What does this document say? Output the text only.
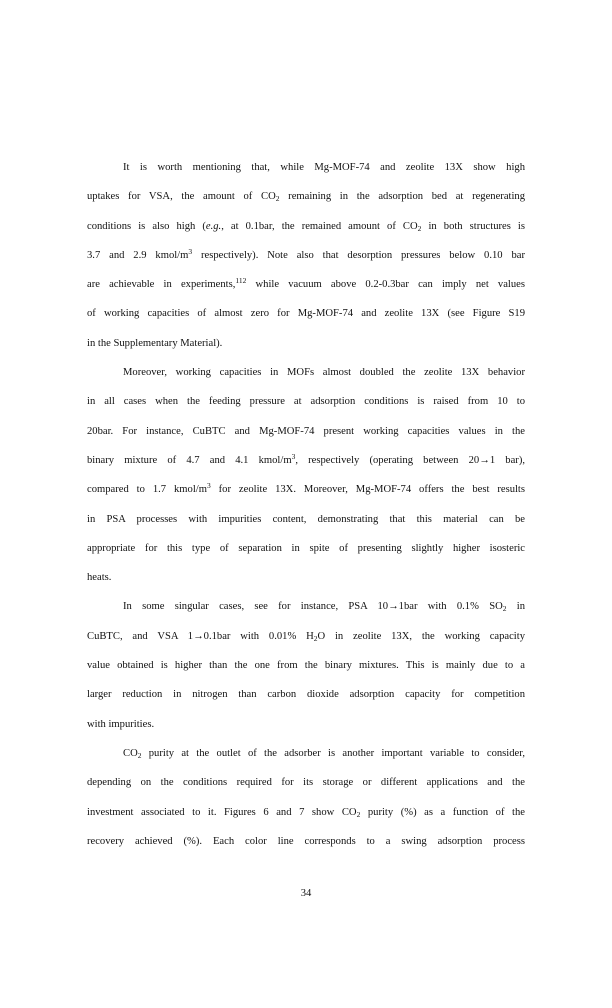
It is worth mentioning that, while Mg-MOF-74 and zeolite 13X show high
uptakes for VSA, the amount of $CO_2$ remaining in the adsorption bed at regenerating
conditions is also high (e.g., at 0.1bar, the remained amount of $CO_2$ in both structures is
3.7 and 2.9 kmol/$m^3$ respectively). Note also that desorption pressures below 0.10 bar
are achievable in experiments,$^{112}$ while vacuum above 0.2-0.3bar can imply net values
of working capacities of almost zero for Mg-MOF-74 and zeolite 13X (see Figure S19
in the Supplementary Material).

Moreover, working capacities in MOFs almost doubled the zeolite 13X behavior
in all cases when the feeding pressure at adsorption conditions is raised from 10 to
20bar. For instance, CuBTC and Mg-MOF-74 present working capacities values in the
binary mixture of 4.7 and 4.1 kmol/$m^3$, respectively (operating between 20→1 bar),
compared to 1.7 kmol/$m^3$ for zeolite 13X. Moreover, Mg-MOF-74 offers the best results
in PSA processes with impurities content, demonstrating that this material can be
appropriate for this type of separation in spite of presenting slightly higher isosteric
heats.

In some singular cases, see for instance, PSA 10→1bar with 0.1% $SO_2$ in
CuBTC, and VSA 1→0.1bar with 0.01% $H_2O$ in zeolite 13X, the working capacity
value obtained is higher than the one from the binary mixtures. This is mainly due to a
larger reduction in nitrogen than carbon dioxide adsorption capacity for competition
with impurities.

$CO_2$ purity at the outlet of the adsorber is another important variable to consider,
depending on the conditions required for its storage or different applications and the
investment associated to it. Figures 6 and 7 show $CO_2$ purity (%) as a function of the
recovery achieved (%). Each color line corresponds to a swing adsorption process

34
